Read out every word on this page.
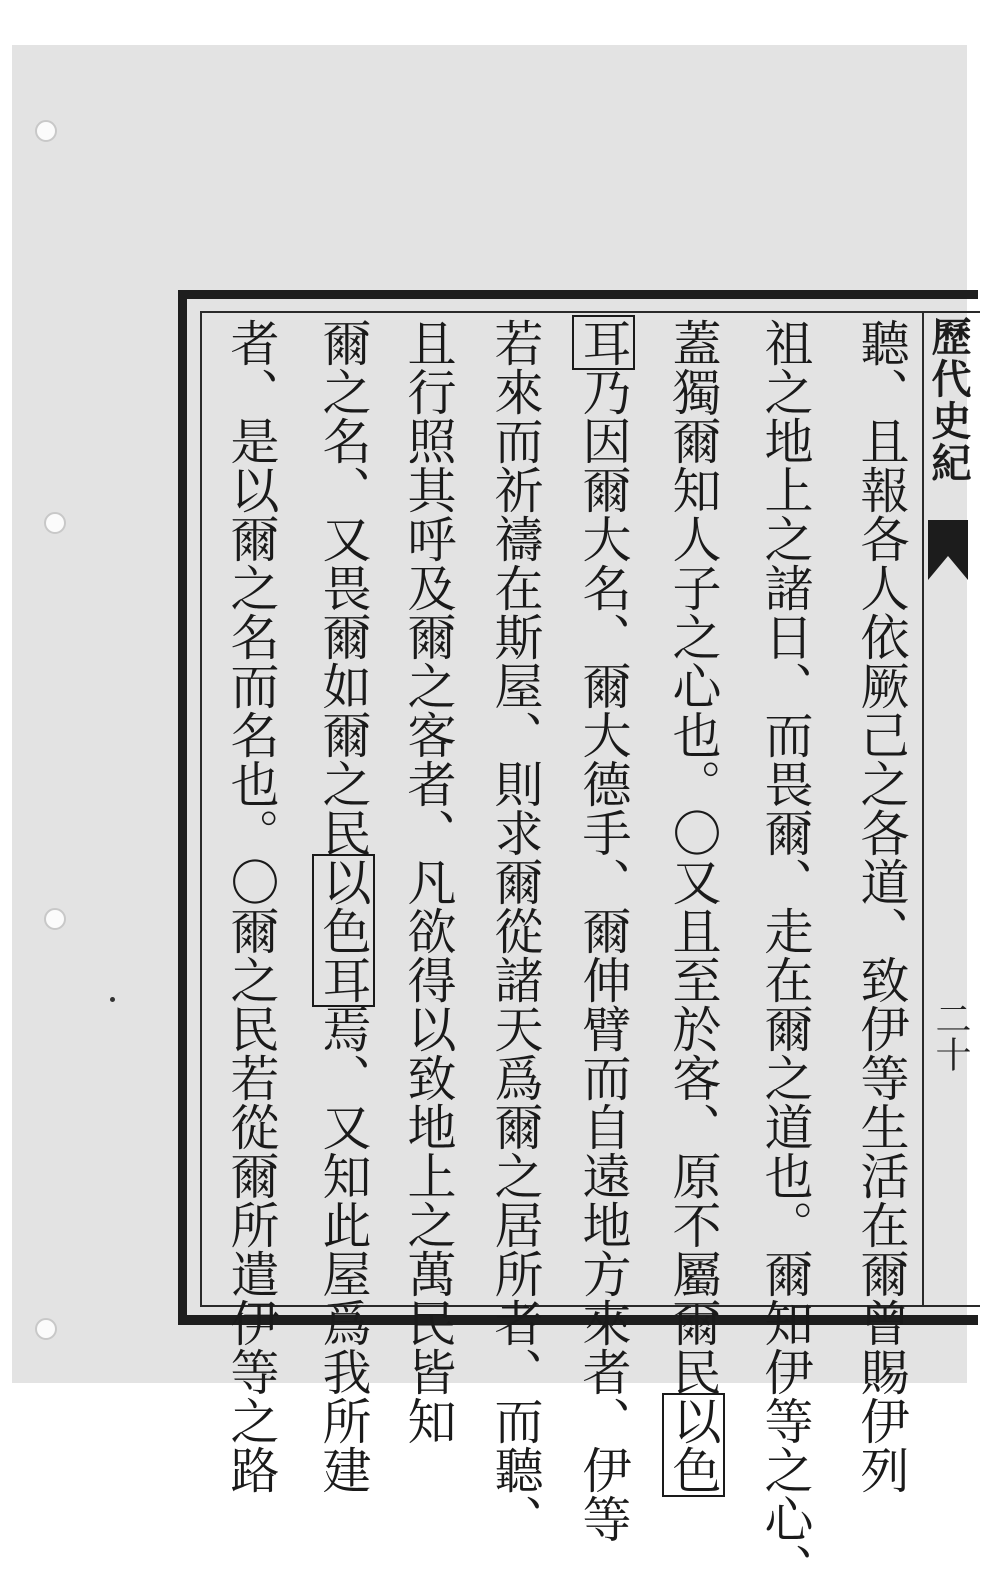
歷代史紀
二十
聽、且報各人依厥己之各道、致伊等生活在爾曾賜伊列
祖之地上之諸日、而畏爾、走在爾之道也。爾知伊等之心、
蓋獨爾知人子之心也。〇又且至於客、原不屬爾民以色
耳乃因爾大名、爾大德手、爾伸臂而自遠地方來者、伊等
若來而祈禱在斯屋、則求爾從諸天爲爾之居所者、而聽、
且行照其呼及爾之客者、凡欲得以致地上之萬民皆知
爾之名、又畏爾如爾之民以色耳焉、又知此屋爲我所建
者、是以爾之名而名也。〇爾之民若從爾所遣伊等之路
